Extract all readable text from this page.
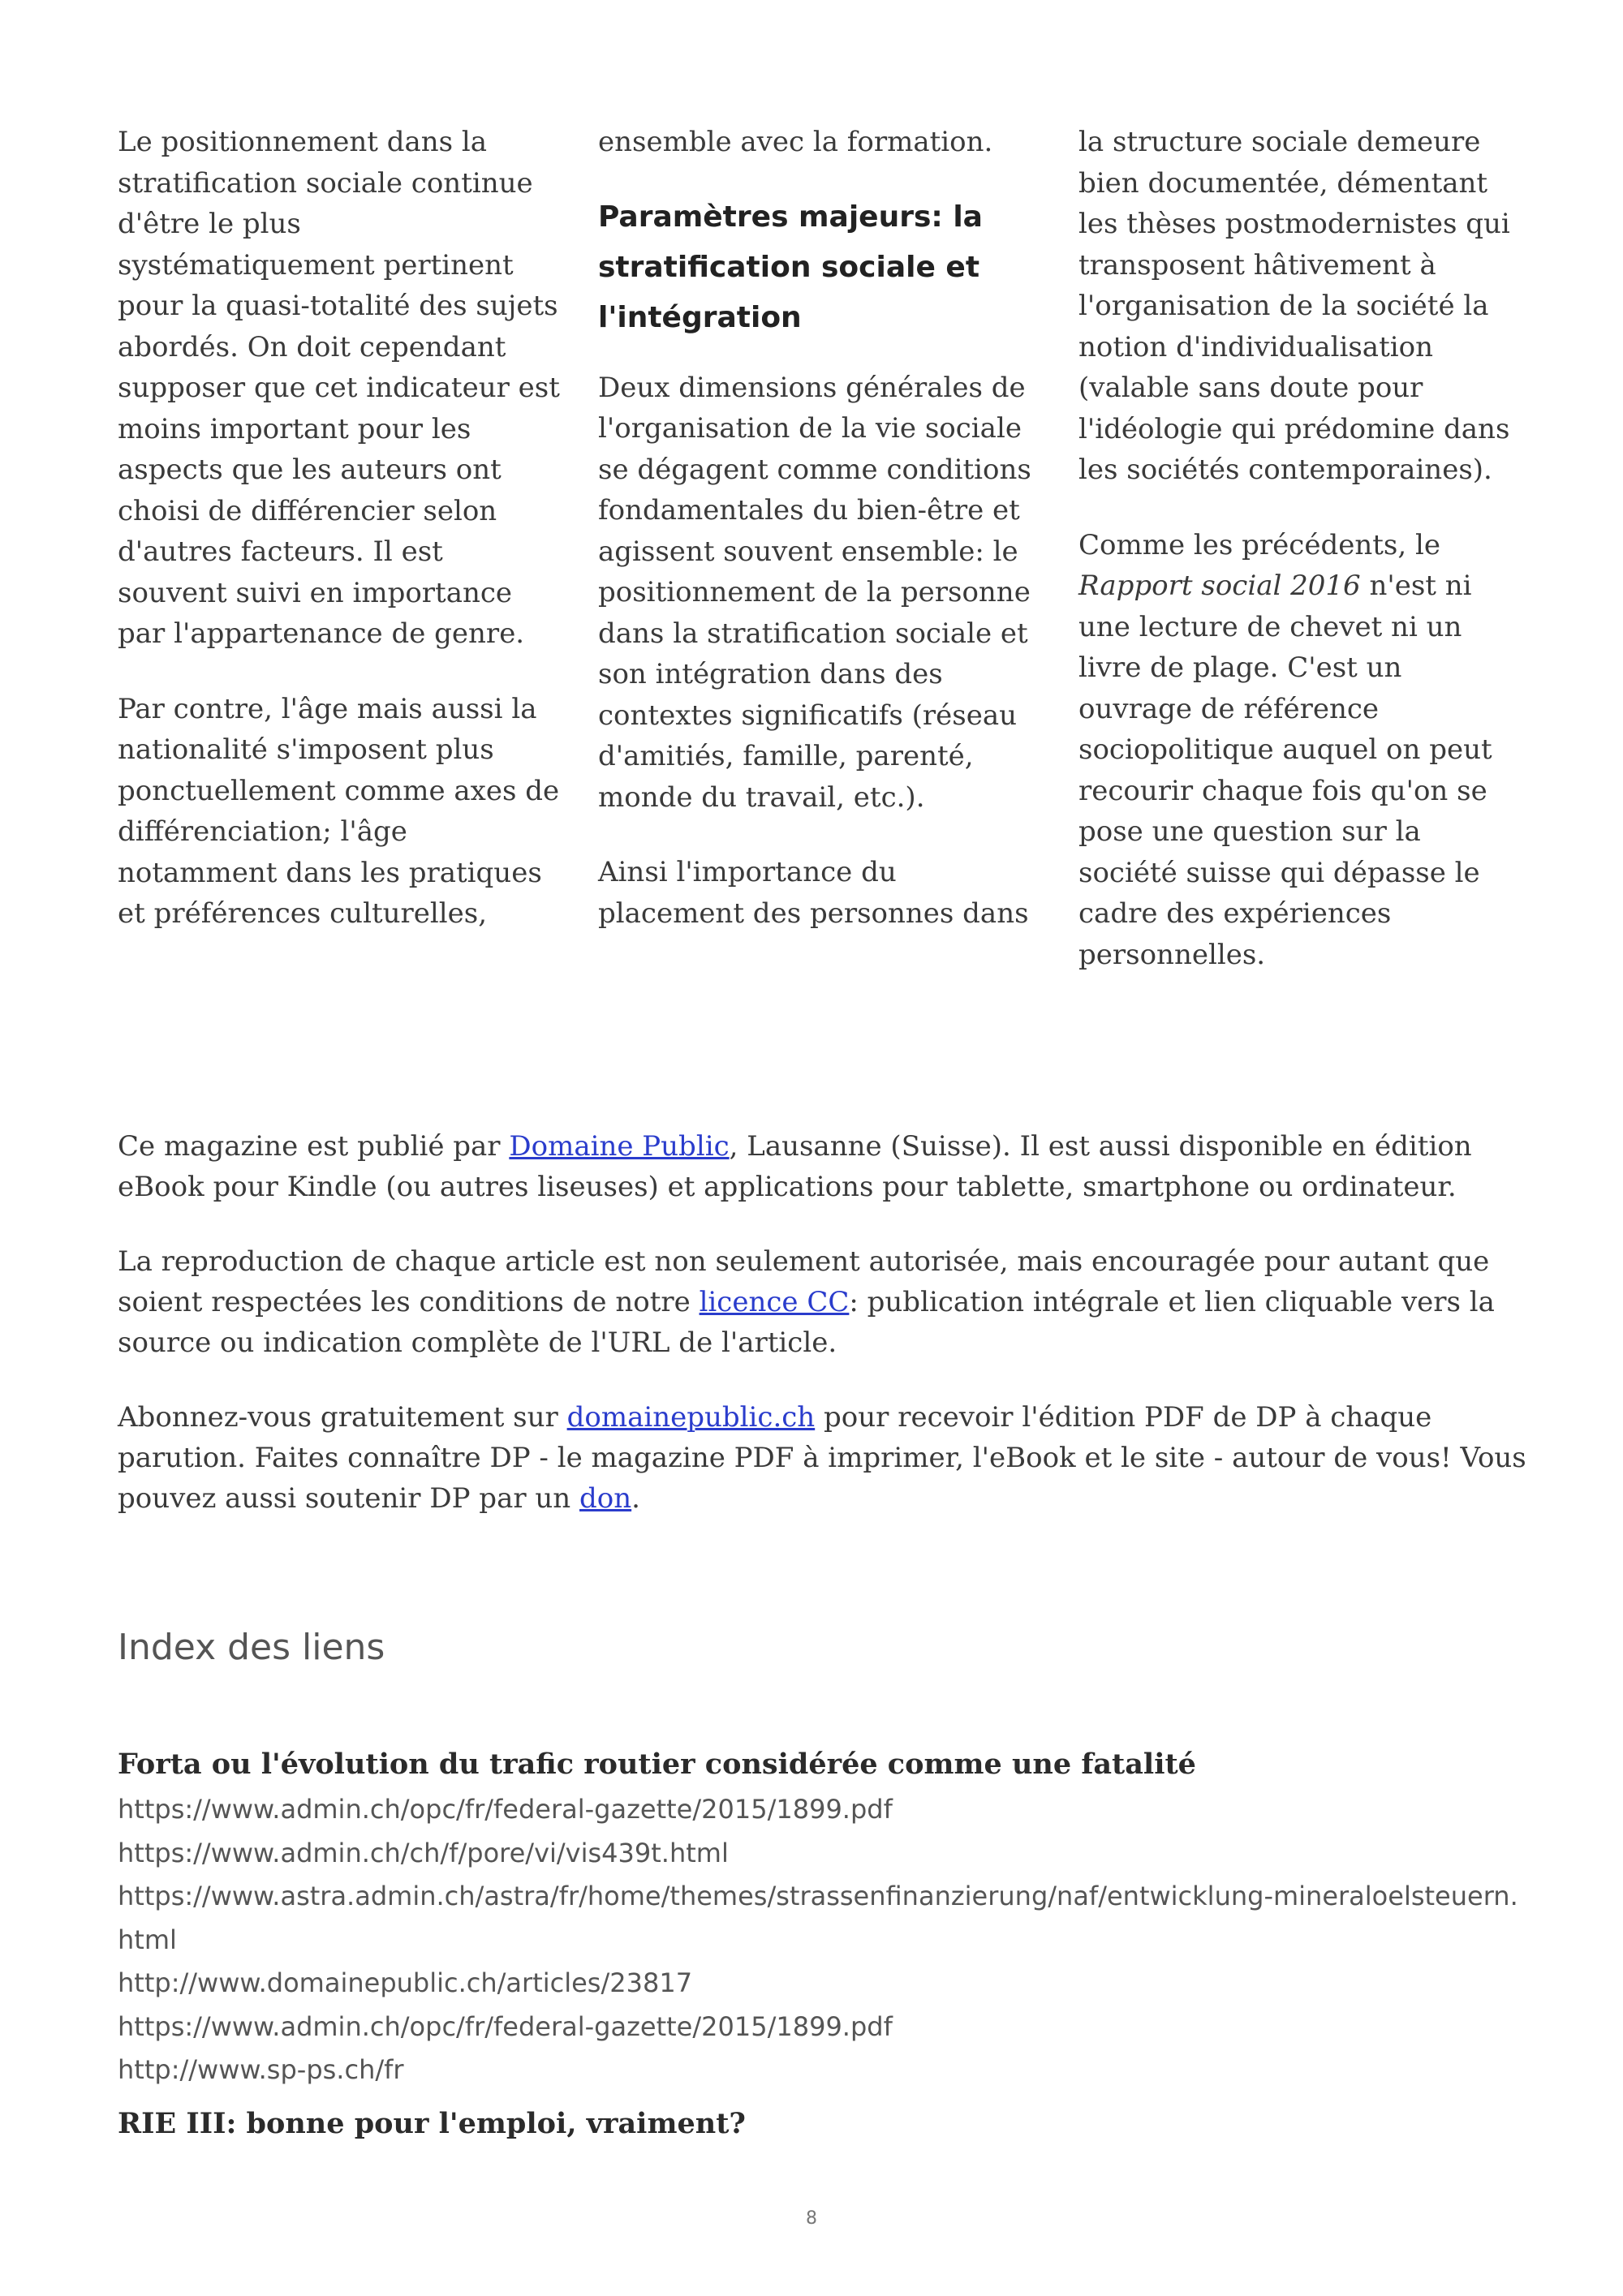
Le positionnement dans la stratification sociale continue d'être le plus systématiquement pertinent pour la quasi-totalité des sujets abordés. On doit cependant supposer que cet indicateur est moins important pour les aspects que les auteurs ont choisi de différencier selon d'autres facteurs. Il est souvent suivi en importance par l'appartenance de genre.

Par contre, l'âge mais aussi la nationalité s'imposent plus ponctuellement comme axes de différenciation; l'âge notamment dans les pratiques et préférences culturelles,

ensemble avec la formation.

Paramètres majeurs: la stratification sociale et l'intégration

Deux dimensions générales de l'organisation de la vie sociale se dégagent comme conditions fondamentales du bien-être et agissent souvent ensemble: le positionnement de la personne dans la stratification sociale et son intégration dans des contextes significatifs (réseau d'amitiés, famille, parenté, monde du travail, etc.).

Ainsi l'importance du placement des personnes dans

la structure sociale demeure bien documentée, démentant les thèses postmodernistes qui transposent hâtivement à l'organisation de la société la notion d'individualisation (valable sans doute pour l'idéologie qui prédomine dans les sociétés contemporaines).

Comme les précédents, le Rapport social 2016 n'est ni une lecture de chevet ni un livre de plage. C'est un ouvrage de référence sociopolitique auquel on peut recourir chaque fois qu'on se pose une question sur la société suisse qui dépasse le cadre des expériences personnelles.

Ce magazine est publié par Domaine Public, Lausanne (Suisse). Il est aussi disponible en édition eBook pour Kindle (ou autres liseuses) et applications pour tablette, smartphone ou ordinateur.

La reproduction de chaque article est non seulement autorisée, mais encouragée pour autant que soient respectées les conditions de notre licence CC: publication intégrale et lien cliquable vers la source ou indication complète de l'URL de l'article.

Abonnez-vous gratuitement sur domainepublic.ch pour recevoir l'édition PDF de DP à chaque parution. Faites connaître DP - le magazine PDF à imprimer, l'eBook et le site - autour de vous! Vous pouvez aussi soutenir DP par un don.

Index des liens
Forta ou l'évolution du trafic routier considérée comme une fatalité
https://www.admin.ch/opc/fr/federal-gazette/2015/1899.pdf
https://www.admin.ch/ch/f/pore/vi/vis439t.html
https://www.astra.admin.ch/astra/fr/home/themes/strassenfinanzierung/naf/entwicklung-mineraloelsteuern.html
http://www.domainepublic.ch/articles/23817
https://www.admin.ch/opc/fr/federal-gazette/2015/1899.pdf
http://www.sp-ps.ch/fr
RIE III: bonne pour l'emploi, vraiment?
8
